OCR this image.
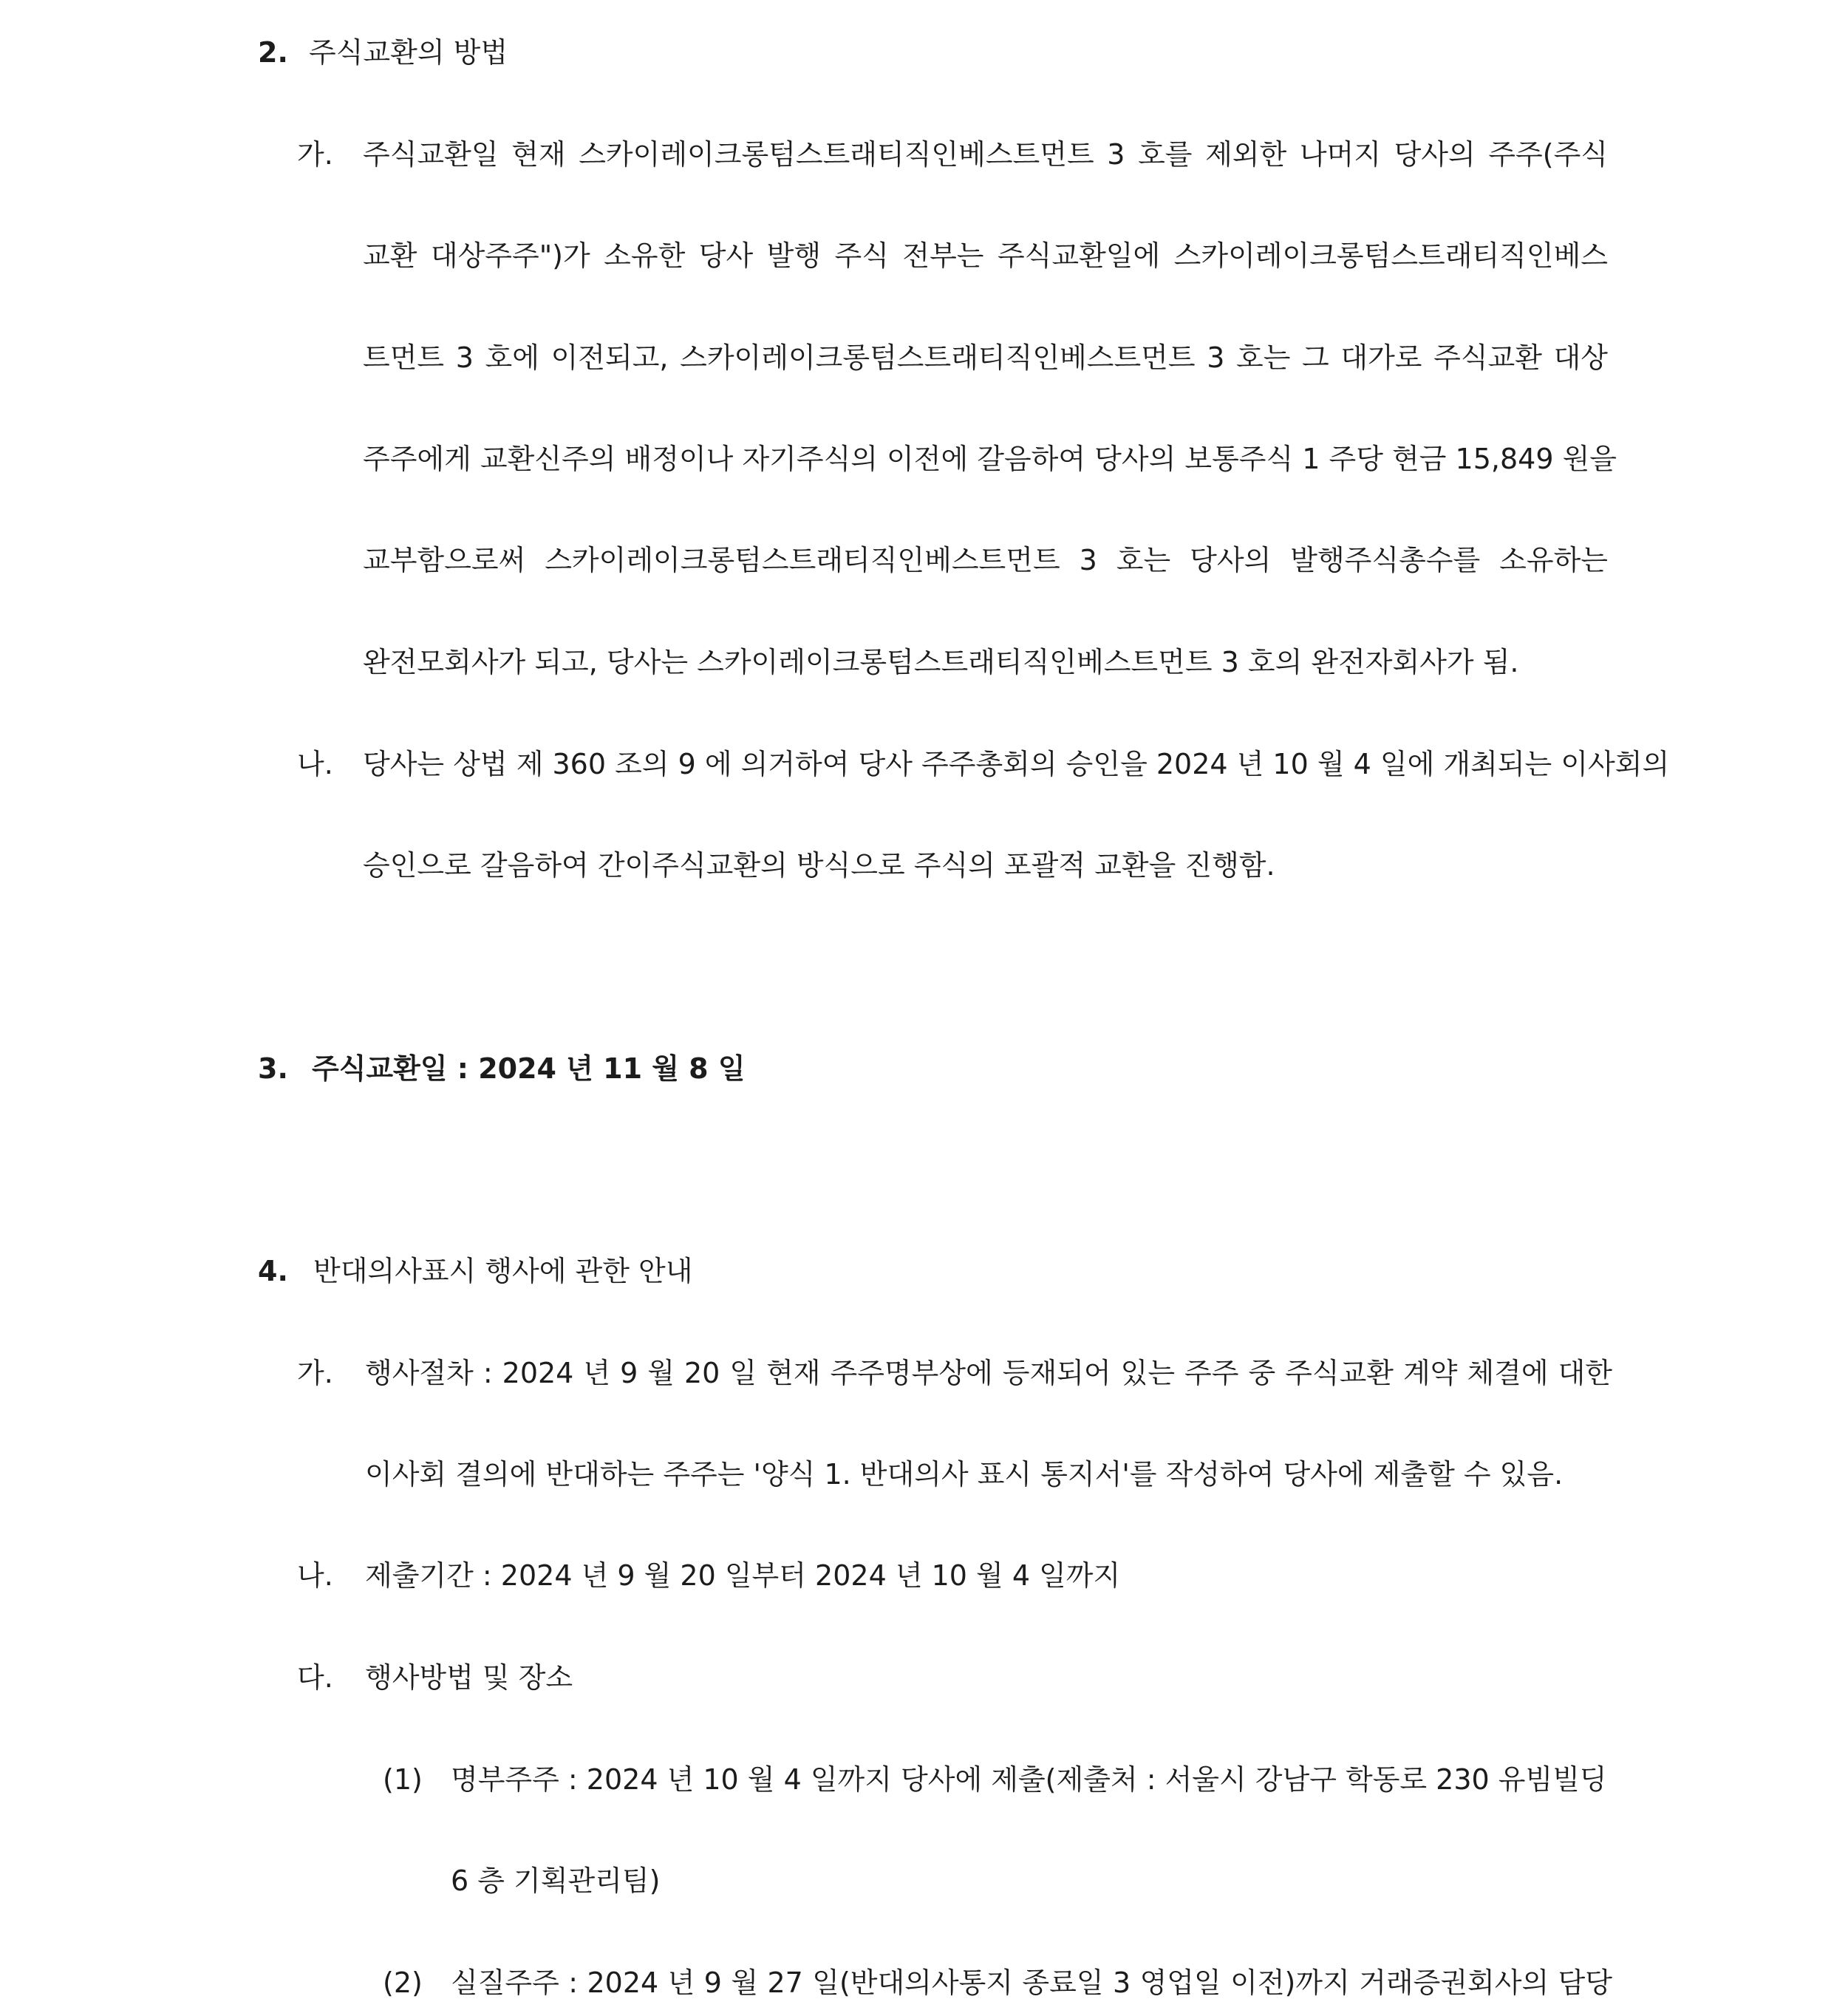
2. 주식교환의 방법
가. 주식교환일 현재 스카이레이크롱텀스트래티직인베스트먼트 3 호를 제외한 나머지 당사의 주주(주식
교환 대상주주")가 소유한 당사 발행 주식 전부는 주식교환일에 스카이레이크롱텀스트래티직인베스
트먼트 3 호에 이전되고, 스카이레이크롱텀스트래티직인베스트먼트 3 호는 그 대가로 주식교환 대상
주주에게 교환신주의 배정이나 자기주식의 이전에 갈음하여 당사의 보통주식 1 주당 현금 15,849 원을
교부함으로써 스카이레이크롱텀스트래티직인베스트먼트 3 호는 당사의 발행주식총수를 소유하는
완전모회사가 되고, 당사는 스카이레이크롱텀스트래티직인베스트먼트 3 호의 완전자회사가 됨.
나. 당사는 상법 제 360 조의 9 에 의거하여 당사 주주총회의 승인을 2024 년 10 월 4 일에 개최되는 이사회의
승인으로 갈음하여 간이주식교환의 방식으로 주식의 포괄적 교환을 진행함.
3. 주식교환일 : 2024 년 11 월 8 일
4. 반대의사표시 행사에 관한 안내
가. 행사절차 : 2024 년 9 월 20 일 현재 주주명부상에 등재되어 있는 주주 중 주식교환 계약 체결에 대한
이사회 결의에 반대하는 주주는 '양식 1. 반대의사 표시 통지서'를 작성하여 당사에 제출할 수 있음.
나. 제출기간 : 2024 년 9 월 20 일부터 2024 년 10 월 4 일까지
다. 행사방법 및 장소
(1) 명부주주 : 2024 년 10 월 4 일까지 당사에 제출(제출처 : 서울시 강남구 학동로 230 유빔빌딩
6 층 기획관리팀)
(2) 실질주주 : 2024 년 9 월 27 일(반대의사통지 종료일 3 영업일 이전)까지 거래증권회사의 담당
